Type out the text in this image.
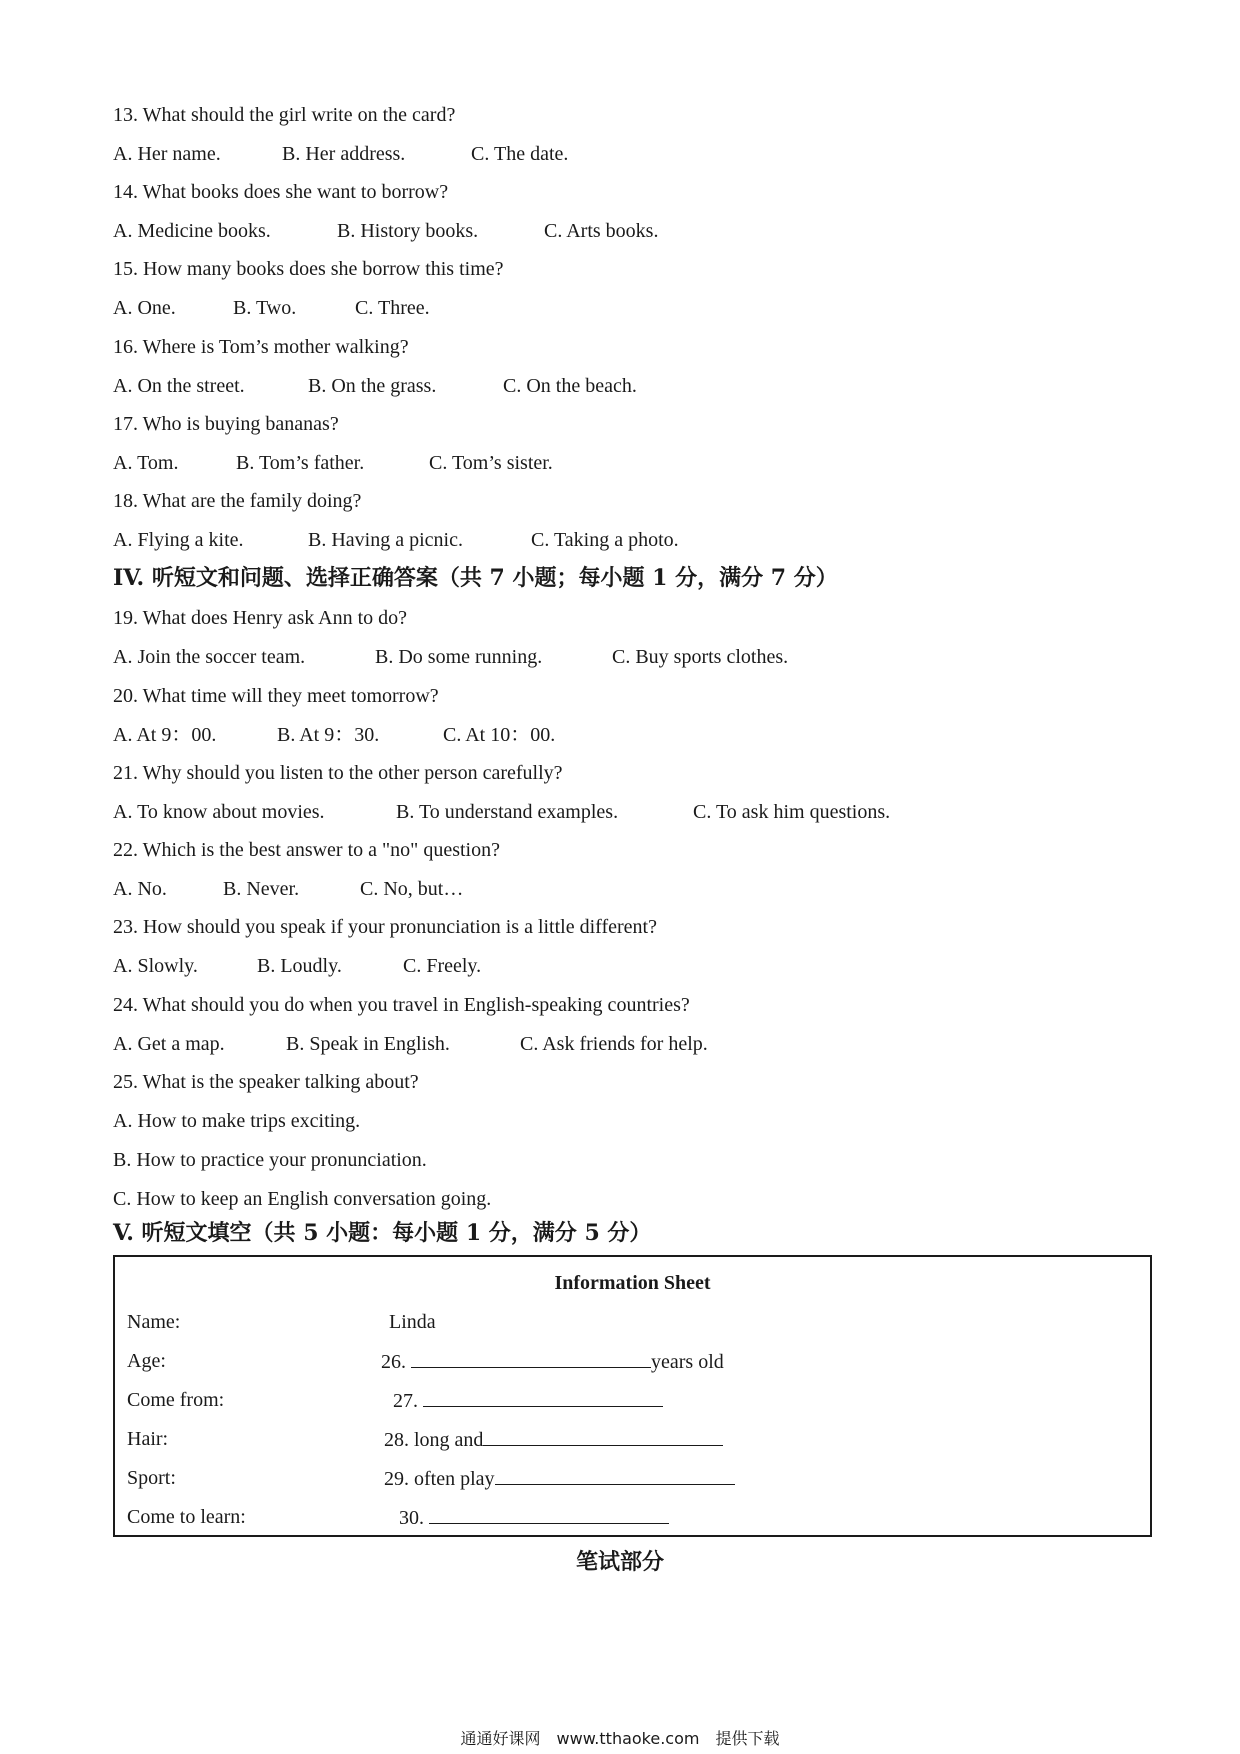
13. What should the girl write on the card?
A. Her name.	B. Her address.	C. The date.
14. What books does she want to borrow?
A. Medicine books.	B. History books.	C. Arts books.
15. How many books does she borrow this time?
A. One.	B. Two.	C. Three.
16. Where is Tom’s mother walking?
A. On the street.	B. On the grass.	C. On the beach.
17. Who is buying bananas?
A. Tom.	B. Tom’s father.	C. Tom’s sister.
18. What are the family doing?
A. Flying a kite.	B. Having a picnic.	C. Taking a photo.
IV. 听短文和问题、选择正确答案（共 7 小题；每小题 1 分，满分 7 分）
19. What does Henry ask Ann to do?
A. Join the soccer team.	B. Do some running.	C. Buy sports clothes.
20. What time will they meet tomorrow?
A. At 9：00.	B. At 9：30.	C. At 10：00.
21. Why should you listen to the other person carefully?
A. To know about movies.	B. To understand examples.	C. To ask him questions.
22. Which is the best answer to a "no" question?
A. No.	B. Never.	C. No, but…
23. How should you speak if your pronunciation is a little different?
A. Slowly.	B. Loudly.	C. Freely.
24. What should you do when you travel in English-speaking countries?
A. Get a map.	B. Speak in English.	C. Ask friends for help.
25. What is the speaker talking about?
A. How to make trips exciting.
B. How to practice your pronunciation.
C. How to keep an English conversation going.
V. 听短文填空（共 5 小题：每小题 1 分，满分 5 分）
Information Sheet
Name:	Linda
Age:	26.	years old
Come from:	27.
Hair:	28. long and
Sport:	29. often play
Come to learn:	30.
笔试部分
通通好课网　www.tthaoke.com　提供下载
